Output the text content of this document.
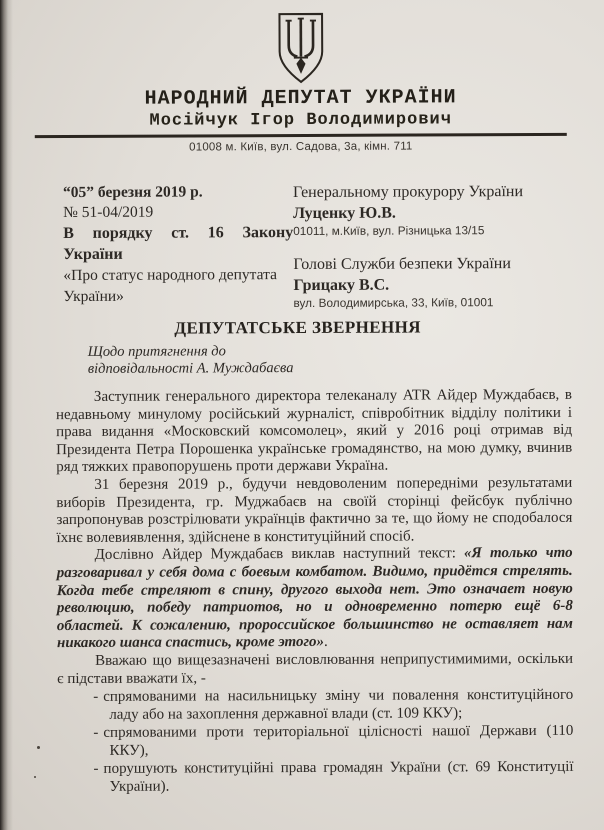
НАРОДНИЙ ДЕПУТАТ УКРАЇНИ
Мосійчук Ігор Володимирович
01008 м. Київ, вул. Садова, 3а, кімн. 711

“05” березня 2019 р.

№ 51-04/2019

В порядку ст. 16 Закону України

«Про статус народного депутата України»

Генеральному прокурору України

Луценку Ю.В.

01011, м.Київ, вул. Різницька 13/15

Голові Служби безпеки України

Грицаку В.С.

вул. Володимирська, 33, Київ, 01001

ДЕПУТАТСЬКЕ ЗВЕРНЕННЯ

Щодо притягнення до
відповідальності А. Муждабаєва

Заступник генерального директора телеканалу ATR Айдер Муждабаєв, в недавньому минулому російський журналіст, співробітник відділу політики і права видання «Московский комсомолец», який у 2016 році отримав від Президента Петра Порошенка українське громадянство, на мою думку, вчинив ряд тяжких правопорушень проти держави Україна.

31 березня 2019 р., будучи невдоволеним попередніми результатами виборів Президента, гр. Муджабаєв на своїй сторінці фейсбук публічно запропонував розстрілювати українців фактично за те, що йому не сподобалося їхнє волевиявлення, здійснене в конституційний спосіб.

Дослівно Айдер Муждабаєв виклав наступний текст: «Я только что разговаривал у себя дома с боевым комбатом. Видимо, придётся стрелять. Когда тебе стреляют в спину, другого выхода нет. Это означает новую революцию, победу патриотов, но и одновременно потерю ещё 6-8 областей. К сожалению, пророссийское большинство не оставляет нам никакого шанса спастись, кроме этого».

Вважаю що вищезазначені висловлювання неприпустимимими, оскільки є підстави вважати їх, -

- спрямованими на насильницьку зміну чи повалення конституційного ладу або на захоплення державної влади (ст. 109 ККУ);
- спрямованими проти територіальної цілісності нашої Держави (110 ККУ),
- порушують конституційні права громадян України (ст. 69 Конституції України).
